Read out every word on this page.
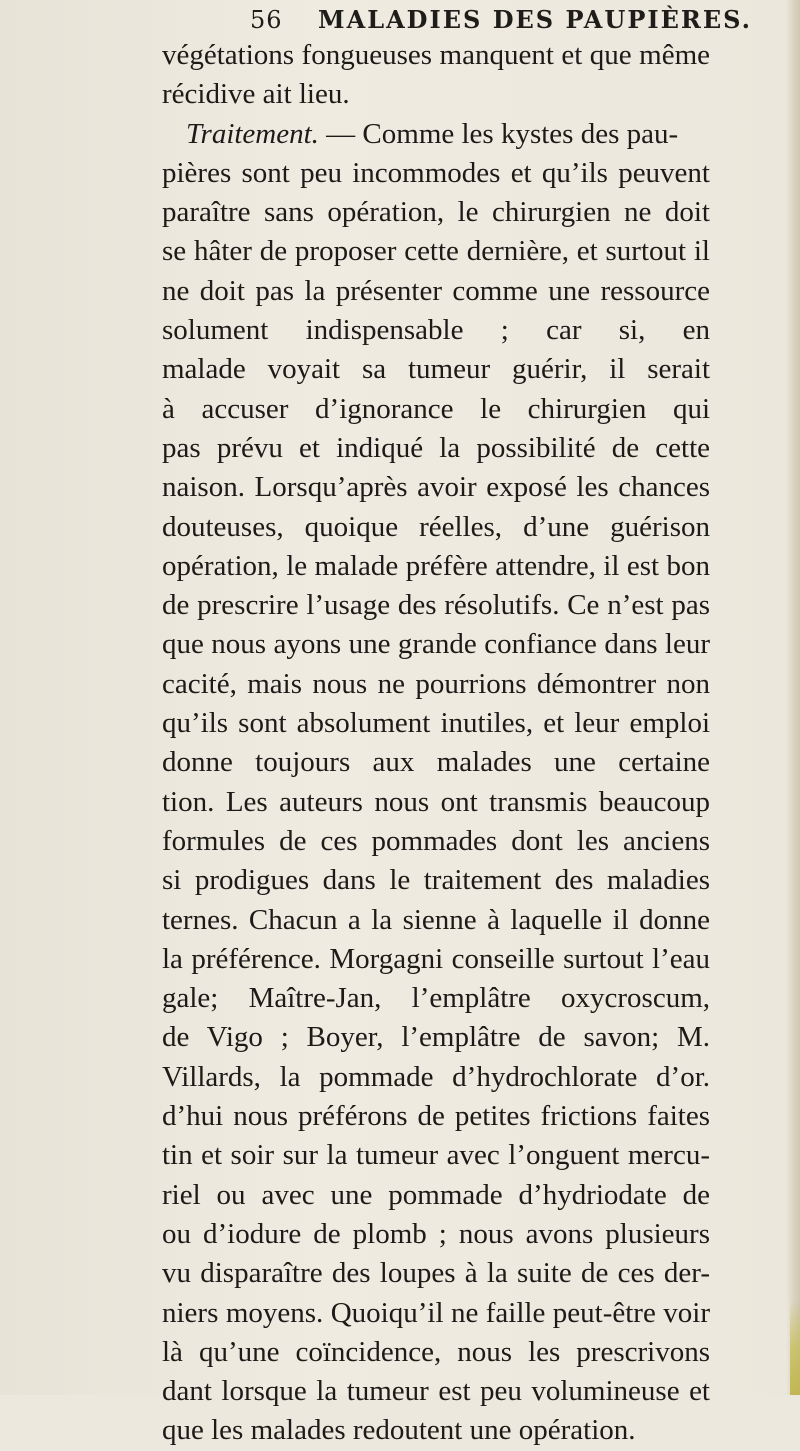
56 MALADIES DES PAUPIÈRES.
végétations fongueuses manquent et que même
récidive ait lieu.
Traitement. — Comme les kystes des pau-
pières sont peu incommodes et qu’ils peuvent
paraître sans opération, le chirurgien ne doit
se hâter de proposer cette dernière, et surtout il
ne doit pas la présenter comme une ressource
solument indispensable ; car si, en
malade voyait sa tumeur guérir, il serait
à accuser d’ignorance le chirurgien qui
pas prévu et indiqué la possibilité de cette
naison. Lorsqu’après avoir exposé les chances
douteuses, quoique réelles, d’une guérison
opération, le malade préfère attendre, il est bon
de prescrire l’usage des résolutifs. Ce n’est pas
que nous ayons une grande confiance dans leur
cacité, mais nous ne pourrions démontrer non
qu’ils sont absolument inutiles, et leur emploi
donne toujours aux malades une certaine
tion. Les auteurs nous ont transmis beaucoup
formules de ces pommades dont les anciens
si prodigues dans le traitement des maladies
ternes. Chacun a la sienne à laquelle il donne
la préférence. Morgagni conseille surtout l’eau
gale; Maître-Jan, l’emplâtre oxycroscum,
de Vigo ; Boyer, l’emplâtre de savon; M.
Villards, la pommade d’hydrochlorate d’or.
d’hui nous préférons de petites frictions faites
tin et soir sur la tumeur avec l’onguent mercu-
riel ou avec une pommade d’hydriodate de
ou d’iodure de plomb ; nous avons plusieurs
vu disparaître des loupes à la suite de ces der-
niers moyens. Quoiqu’il ne faille peut-être voir
là qu’une coïncidence, nous les prescrivons
dant lorsque la tumeur est peu volumineuse et
que les malades redoutent une opération.
